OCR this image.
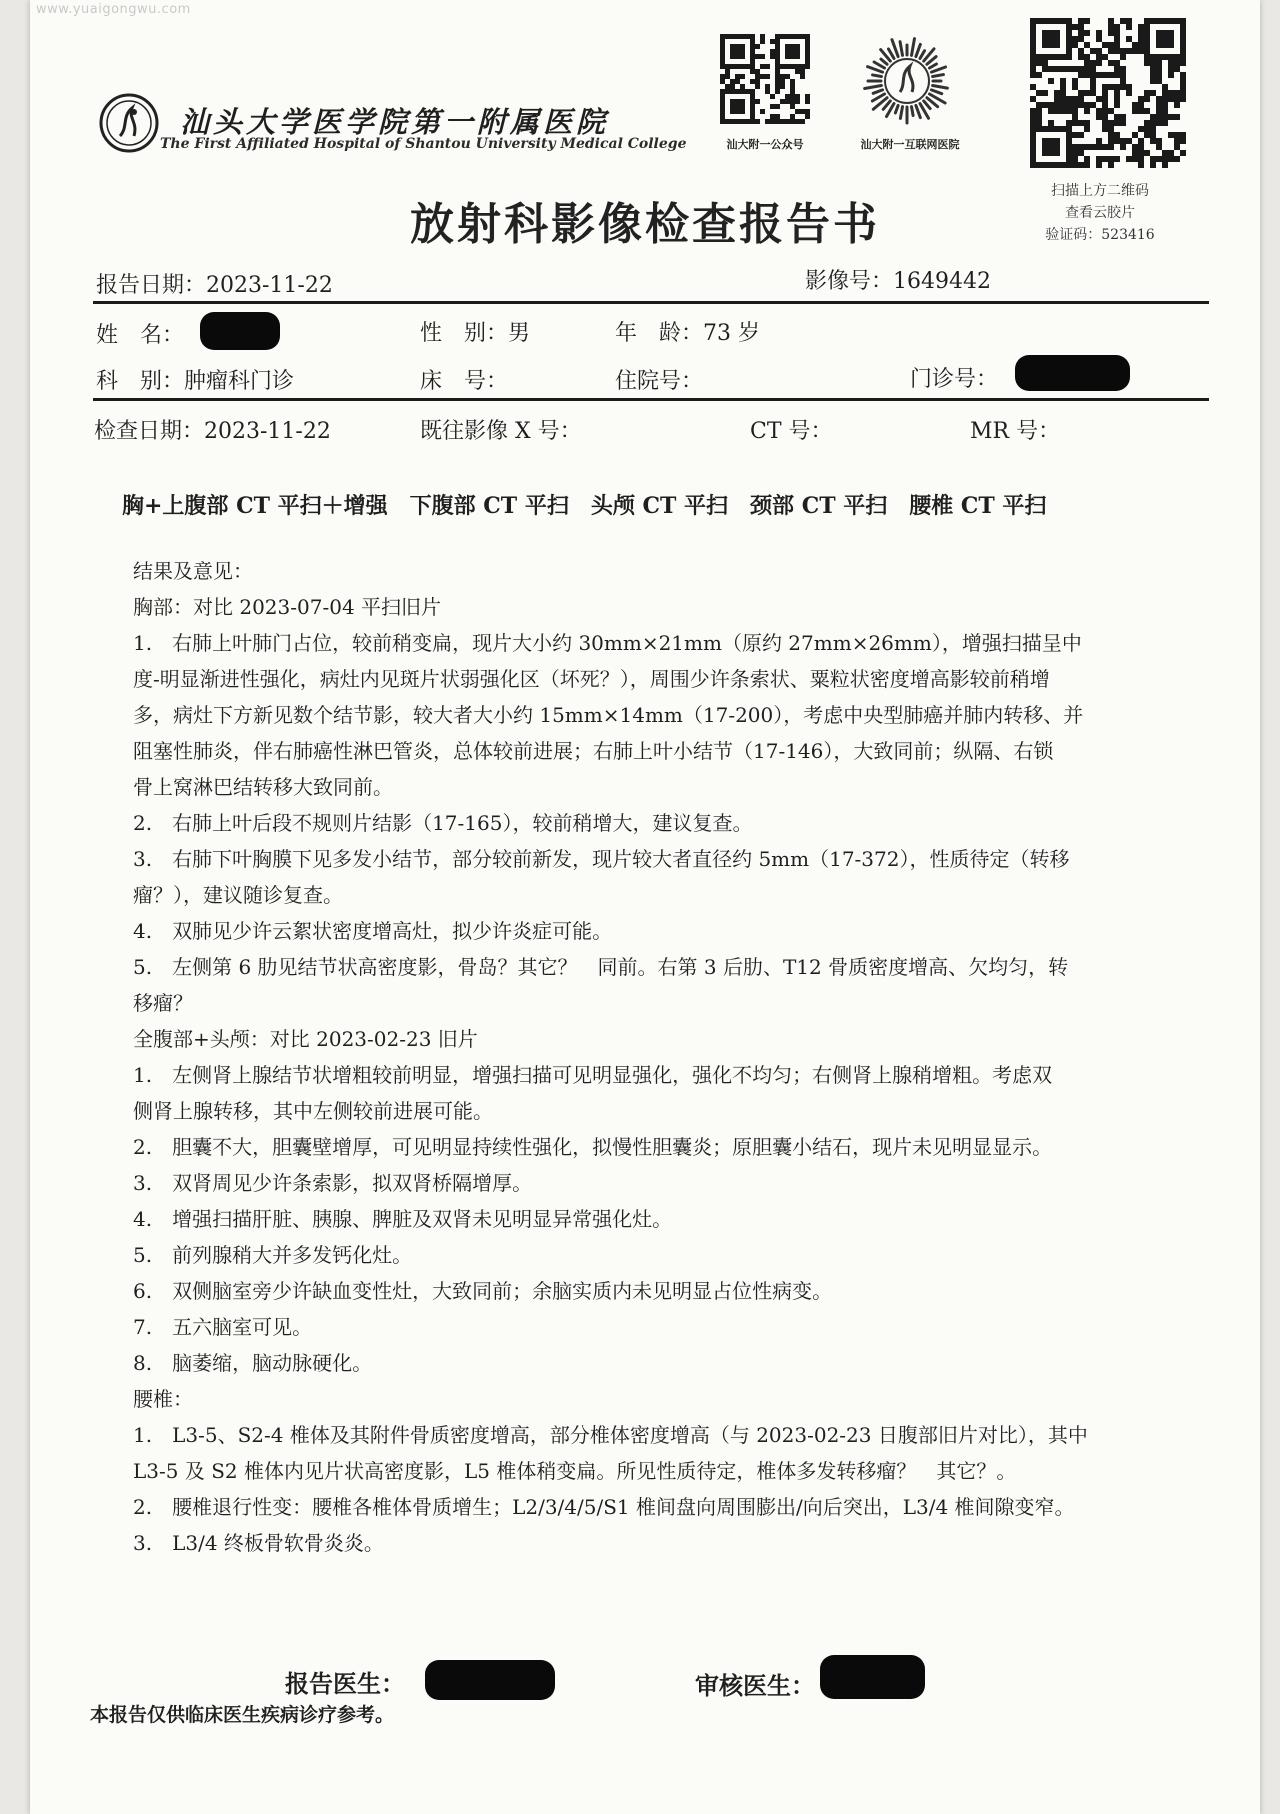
www.yuaigongwu.com
汕头大学医学院第一附属医院
The First Affiliated Hospital of Shantou University Medical College	汕大附一公众号	汕大附一互联网医院
扫描上方二维码
查看云胶片
验证码：523416
放射科影像检查报告书
报告日期：2023-11-22	影像号：1649442
姓　名：	性　别：男	年　龄：73 岁
科　别：肿瘤科门诊	床　号：	住院号：	门诊号：
检查日期：2023-11-22	既往影像 X 号：	CT 号：	MR 号：
胸+上腹部 CT 平扫＋增强　下腹部 CT 平扫　头颅 CT 平扫　颈部 CT 平扫　腰椎 CT 平扫

结果及意见：

胸部：对比 2023-07-04 平扫旧片

1.　右肺上叶肺门占位，较前稍变扁，现片大小约 30mm×21mm（原约 27mm×26mm），增强扫描呈中

度-明显渐进性强化，病灶内见斑片状弱强化区（坏死？），周围少许条索状、粟粒状密度增高影较前稍增

多，病灶下方新见数个结节影，较大者大小约 15mm×14mm（17-200），考虑中央型肺癌并肺内转移、并

阻塞性肺炎，伴右肺癌性淋巴管炎，总体较前进展；右肺上叶小结节（17-146），大致同前；纵隔、右锁

骨上窝淋巴结转移大致同前。

2.　右肺上叶后段不规则片结影（17-165），较前稍增大，建议复查。

3.　右肺下叶胸膜下见多发小结节，部分较前新发，现片较大者直径约 5mm（17-372），性质待定（转移

瘤？），建议随诊复查。

4.　双肺见少许云絮状密度增高灶，拟少许炎症可能。

5.　左侧第 6 肋见结节状高密度影，骨岛？其它？　同前。右第 3 后肋、T12 骨质密度增高、欠均匀，转

移瘤？

全腹部+头颅：对比 2023-02-23 旧片

1.　左侧肾上腺结节状增粗较前明显，增强扫描可见明显强化，强化不均匀；右侧肾上腺稍增粗。考虑双

侧肾上腺转移，其中左侧较前进展可能。

2.　胆囊不大，胆囊壁增厚，可见明显持续性强化，拟慢性胆囊炎；原胆囊小结石，现片未见明显显示。

3.　双肾周见少许条索影，拟双肾桥隔增厚。

4.　增强扫描肝脏、胰腺、脾脏及双肾未见明显异常强化灶。

5.　前列腺稍大并多发钙化灶。

6.　双侧脑室旁少许缺血变性灶，大致同前；余脑实质内未见明显占位性病变。

7.　五六脑室可见。

8.　脑萎缩，脑动脉硬化。

腰椎：

1.　L3-5、S2-4 椎体及其附件骨质密度增高，部分椎体密度增高（与 2023-02-23 日腹部旧片对比），其中

L3-5 及 S2 椎体内见片状高密度影，L5 椎体稍变扁。所见性质待定，椎体多发转移瘤？　其它？。

2.　腰椎退行性变：腰椎各椎体骨质增生；L2/3/4/5/S1 椎间盘向周围膨出/向后突出，L3/4 椎间隙变窄。

3.　L3/4 终板骨软骨炎炎。

报告医生：	审核医生：
本报告仅供临床医生疾病诊疗参考。
